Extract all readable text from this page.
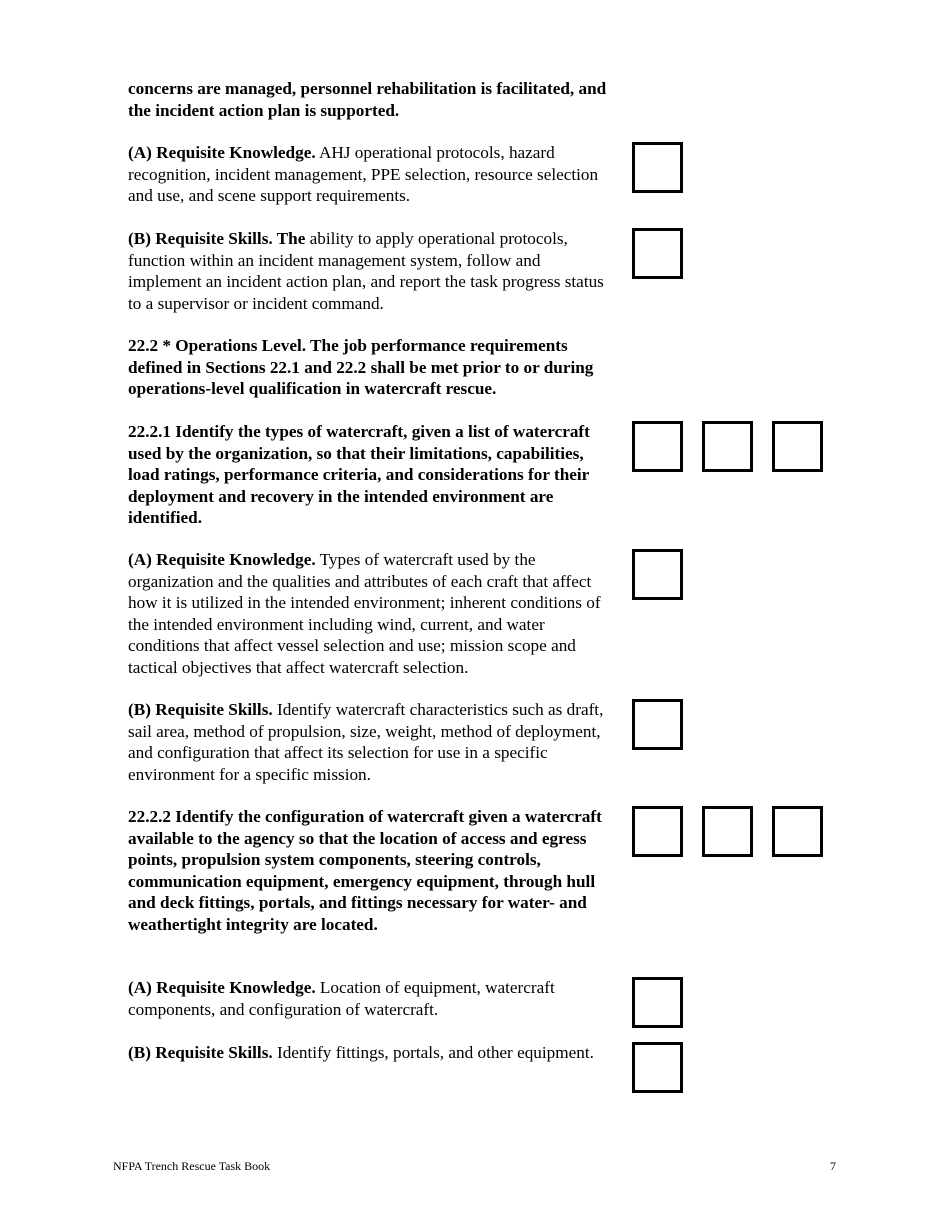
concerns are managed, personnel rehabilitation is facilitated, and the incident action plan is supported.

(A) Requisite Knowledge. AHJ operational protocols, hazard recognition, incident management, PPE selection, resource selection and use, and scene support requirements.

(B) Requisite Skills. The ability to apply operational protocols, function within an incident management system, follow and implement an incident action plan, and report the task progress status to a supervisor or incident command.

22.2 * Operations Level. The job performance requirements defined in Sections 22.1 and 22.2 shall be met prior to or during operations-level qualification in watercraft rescue.

22.2.1 Identify the types of watercraft, given a list of watercraft used by the organization, so that their limitations, capabilities, load ratings, performance criteria, and considerations for their deployment and recovery in the intended environment are identified.

(A) Requisite Knowledge. Types of watercraft used by the organization and the qualities and attributes of each craft that affect how it is utilized in the intended environment; inherent conditions of the intended environment including wind, current, and water conditions that affect vessel selection and use; mission scope and tactical objectives that affect watercraft selection.

(B) Requisite Skills. Identify watercraft characteristics such as draft, sail area, method of propulsion, size, weight, method of deployment, and configuration that affect its selection for use in a specific environment for a specific mission.

22.2.2 Identify the configuration of watercraft given a watercraft available to the agency so that the location of access and egress points, propulsion system components, steering controls, communication equipment, emergency equipment, through hull and deck fittings, portals, and fittings necessary for water- and weathertight integrity are located.

(A) Requisite Knowledge. Location of equipment, watercraft components, and configuration of watercraft.

(B) Requisite Skills. Identify fittings, portals, and other equipment.

NFPA Trench Rescue Task Book	7
